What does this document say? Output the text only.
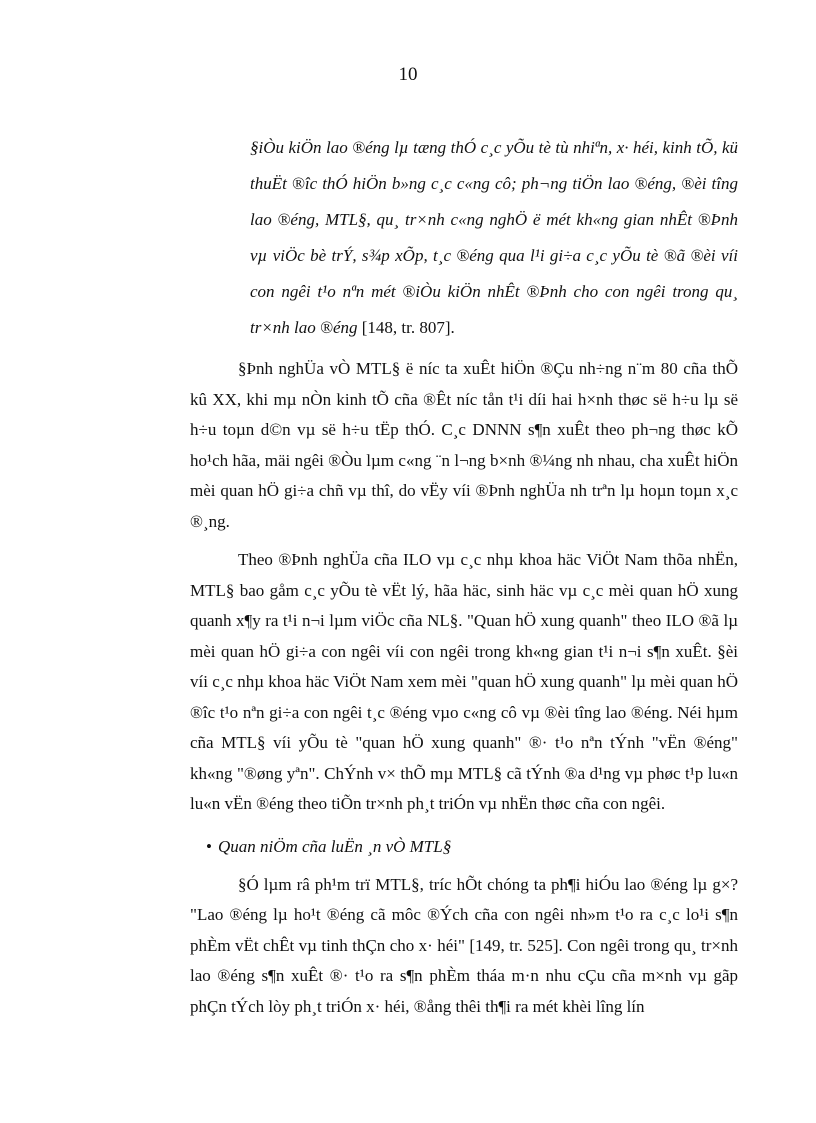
10

§iÒu kiÖn lao ®éng lµ tæng thÓ c¸c yÕu tè tù nhiªn, x· héi, kinh tÕ, kü thuËt ®îc thÓ hiÖn b»ng c¸c c«ng cô; ph¬ng tiÖn lao ®éng, ®èi tîng lao ®éng, MTL§, qu¸ tr×nh c«ng nghÖ ë mét kh«ng gian nhÊt ®Þnh vµ viÖc bè trÝ, s¾p xÕp, t¸c ®éng qua l¹i gi÷a c¸c yÕu tè ®ã ®èi víi con ngêi t¹o nªn mét ®iÒu kiÖn nhÊt ®Þnh cho con ngêi trong qu¸ tr×nh lao ®éng [148, tr. 807].

§Þnh nghÜa vÒ MTL§ ë níc ta xuÊt hiÖn ®Çu nh÷ng n¨m 80 cña thÕ kû XX, khi mµ nÒn kinh tÕ cña ®Êt níc tån t¹i díi hai h×nh thøc së h÷u lµ së h÷u toµn d©n vµ së h÷u tËp thÓ. C¸c DNNN s¶n xuÊt theo ph¬ng thøc kÕ ho¹ch hãa, mäi ngêi ®Òu lµm c«ng ¨n l¬ng b×nh ®¼ng nh nhau, cha xuÊt hiÖn mèi quan hÖ gi÷a chñ vµ thî, do vËy víi ®Þnh nghÜa nh trªn lµ hoµn toµn x¸c ®¸ng.

Theo ®Þnh nghÜa cña ILO vµ c¸c nhµ khoa häc ViÖt Nam thõa nhËn, MTL§ bao gåm c¸c yÕu tè vËt lý, hãa häc, sinh häc vµ c¸c mèi quan hÖ xung quanh x¶y ra t¹i n¬i lµm viÖc cña NL§. "Quan hÖ xung quanh" theo ILO ®ã lµ mèi quan hÖ gi÷a con ngêi víi con ngêi trong kh«ng gian t¹i n¬i s¶n xuÊt. §èi víi c¸c nhµ khoa häc ViÖt Nam xem mèi "quan hÖ xung quanh" lµ mèi quan hÖ ®îc t¹o nªn gi÷a con ngêi t¸c ®éng vµo c«ng cô vµ ®èi tîng lao ®éng. Néi hµm cña MTL§ víi yÕu tè "quan hÖ xung quanh" ®· t¹o nªn tÝnh "vËn ®éng" kh«ng "®øng yªn". ChÝnh v× thÕ mµ MTL§ cã tÝnh ®a d¹ng vµ phøc t¹p lu«n lu«n vËn ®éng theo tiÕn tr×nh ph¸t triÓn vµ nhËn thøc cña con ngêi.

• Quan niÖm cña luËn ¸n vÒ MTL§

§Ó lµm râ ph¹m trï MTL§, tríc hÕt chóng ta ph¶i hiÓu lao ®éng lµ g×? "Lao ®éng lµ ho¹t ®éng cã môc ®Ých cña con ngêi nh»m t¹o ra c¸c lo¹i s¶n phÈm vËt chÊt vµ tinh thÇn cho x· héi" [149, tr. 525]. Con ngêi trong qu¸ tr×nh lao ®éng s¶n xuÊt ®· t¹o ra s¶n phÈm tháa m·n nhu cÇu cña m×nh vµ gãp phÇn tÝch lòy ph¸t triÓn x· héi, ®ång thêi th¶i ra mét khèi lîng lín
